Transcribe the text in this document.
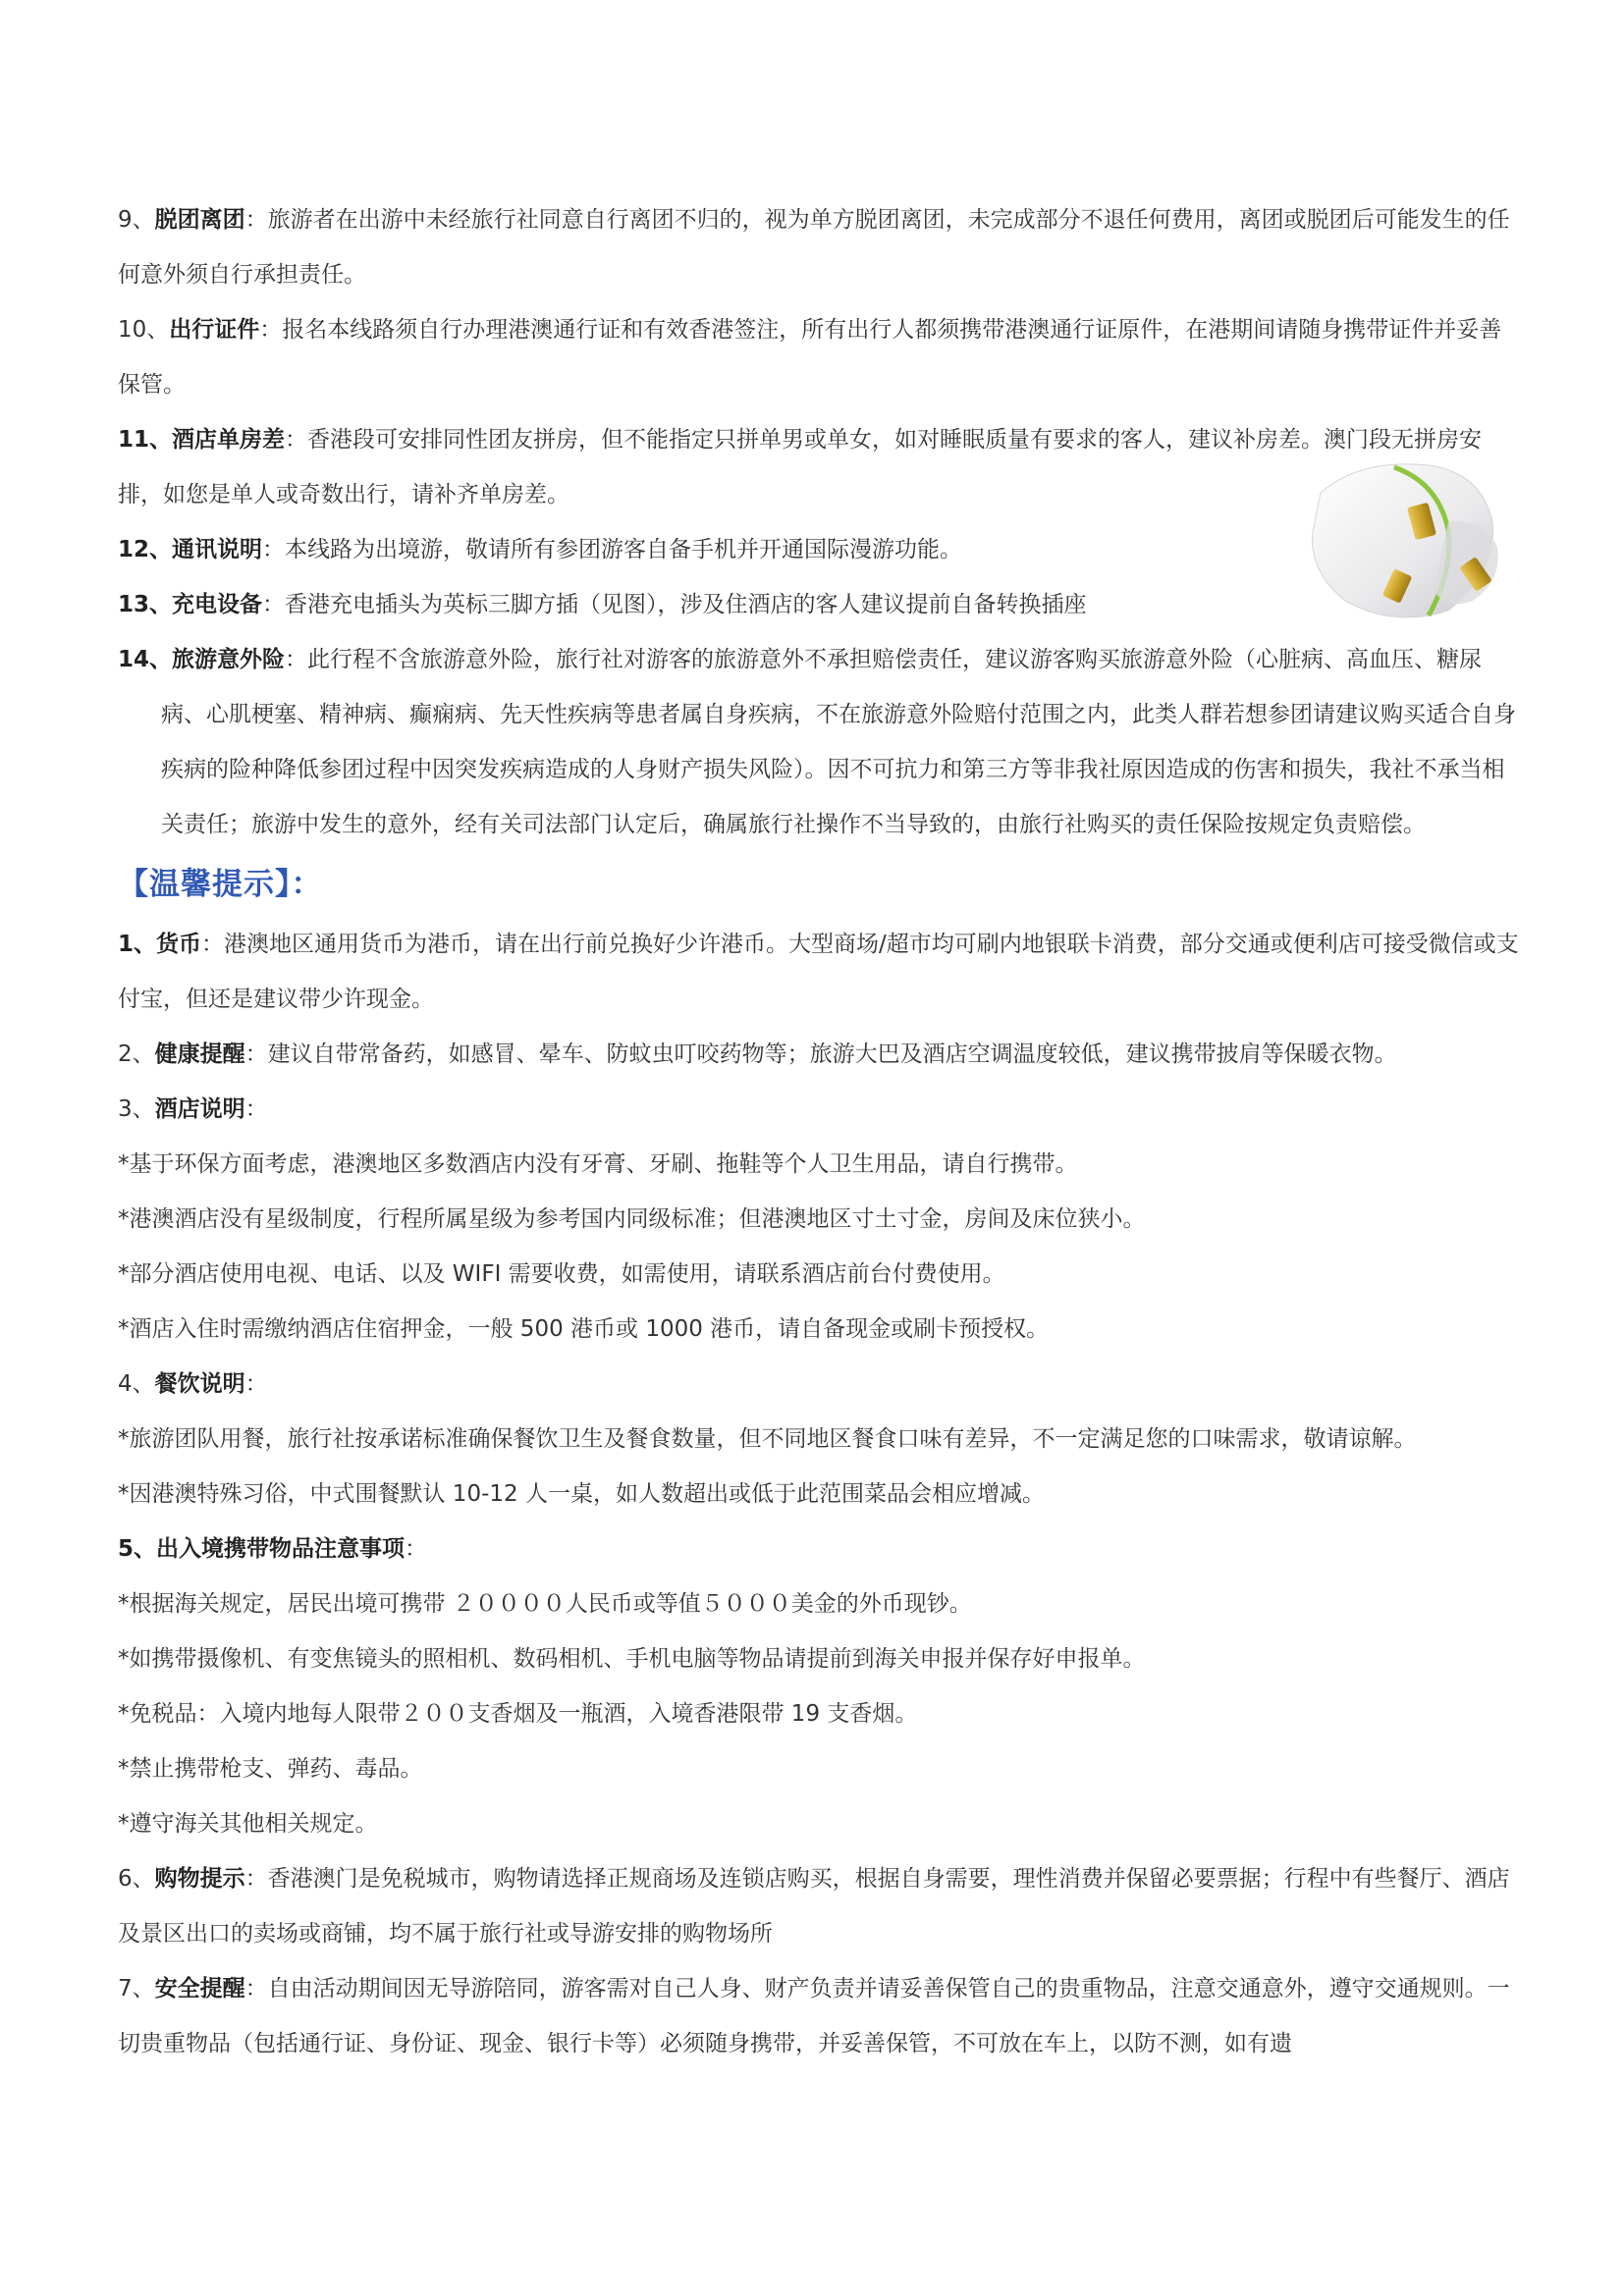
9、脱团离团：旅游者在出游中未经旅行社同意自行离团不归的，视为单方脱团离团，未完成部分不退任何费用，离团或脱团后可能发生的任何意外须自行承担责任。

10、出行证件：报名本线路须自行办理港澳通行证和有效香港签注，所有出行人都须携带港澳通行证原件，在港期间请随身携带证件并妥善保管。

11、酒店单房差：香港段可安排同性团友拼房，但不能指定只拼单男或单女，如对睡眠质量有要求的客人，建议补房差。澳门段无拼房安排，如您是单人或奇数出行，请补齐单房差。

12、通讯说明：本线路为出境游，敬请所有参团游客自备手机并开通国际漫游功能。

13、充电设备：香港充电插头为英标三脚方插（见图），涉及住酒店的客人建议提前自备转换插座

14、旅游意外险：此行程不含旅游意外险，旅行社对游客的旅游意外不承担赔偿责任，建议游客购买旅游意外险（心脏病、高血压、糖尿病、心肌梗塞、精神病、癫痫病、先天性疾病等患者属自身疾病，不在旅游意外险赔付范围之内，此类人群若想参团请建议购买适合自身疾病的险种降低参团过程中因突发疾病造成的人身财产损失风险）。因不可抗力和第三方等非我社原因造成的伤害和损失，我社不承当相关责任；旅游中发生的意外，经有关司法部门认定后，确属旅行社操作不当导致的，由旅行社购买的责任保险按规定负责赔偿。

【温馨提示】：

1、货币：港澳地区通用货币为港币，请在出行前兑换好少许港币。大型商场/超市均可刷内地银联卡消费，部分交通或便利店可接受微信或支付宝，但还是建议带少许现金。

2、健康提醒：建议自带常备药，如感冒、晕车、防蚊虫叮咬药物等；旅游大巴及酒店空调温度较低，建议携带披肩等保暖衣物。

3、酒店说明：

*基于环保方面考虑，港澳地区多数酒店内没有牙膏、牙刷、拖鞋等个人卫生用品，请自行携带。

*港澳酒店没有星级制度，行程所属星级为参考国内同级标准；但港澳地区寸土寸金，房间及床位狭小。

*部分酒店使用电视、电话、以及 WIFI 需要收费，如需使用，请联系酒店前台付费使用。

*酒店入住时需缴纳酒店住宿押金，一般 500 港币或 1000 港币，请自备现金或刷卡预授权。

4、餐饮说明：

*旅游团队用餐，旅行社按承诺标准确保餐饮卫生及餐食数量，但不同地区餐食口味有差异，不一定满足您的口味需求，敬请谅解。

*因港澳特殊习俗，中式围餐默认 10-12 人一桌，如人数超出或低于此范围菜品会相应增减。

5、出入境携带物品注意事项：

*根据海关规定，居民出境可携带 ２００００人民币或等值５０００美金的外币现钞。

*如携带摄像机、有变焦镜头的照相机、数码相机、手机电脑等物品请提前到海关申报并保存好申报单。

*免税品：入境内地每人限带２００支香烟及一瓶酒，入境香港限带 19 支香烟。

*禁止携带枪支、弹药、毒品。

*遵守海关其他相关规定。

6、购物提示：香港澳门是免税城市，购物请选择正规商场及连锁店购买，根据自身需要，理性消费并保留必要票据；行程中有些餐厅、酒店及景区出口的卖场或商铺，均不属于旅行社或导游安排的购物场所

7、安全提醒：自由活动期间因无导游陪同，游客需对自己人身、财产负责并请妥善保管自己的贵重物品，注意交通意外，遵守交通规则。一切贵重物品（包括通行证、身份证、现金、银行卡等）必须随身携带，并妥善保管，不可放在车上，以防不测，如有遗
